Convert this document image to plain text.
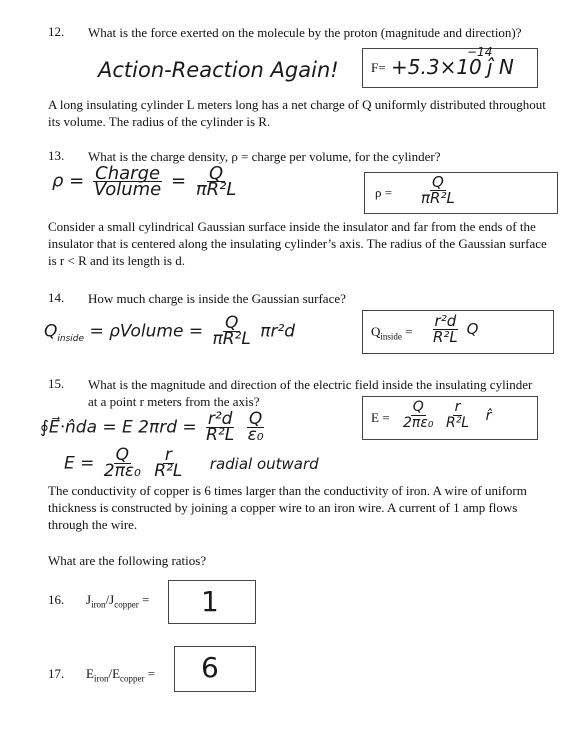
12. What is the force exerted on the molecule by the proton (magnitude and direction)?
Action-Reaction Again! F= +5.3×10
−14
ĵ N
A long insulating cylinder L meters long has a net charge of Q uniformly distributed throughout its volume. The radius of the cylinder is R.
13. What is the charge density, ρ = charge per volume, for the cylinder?
$\rho = \frac{\text{Charge}}{\text{Volume}} = \frac{Q}{\text{πR²L}}$	$\rho = \frac{Q}{\text{πR²L}}$
Consider a small cylindrical Gaussian surface inside the insulator and far from the ends of the insulator that is centered along the insulating cylinder’s axis. The radius of the Gaussian surface is r < R and its length is d.
14. How much charge is inside the Gaussian surface?
$Q_{inside}$ = ρVolume = $\frac{Q}{\text{πR²L}} \pi r^2d$	$Q_{inside} = \frac{\text{r²d}}{\text{R²L}}$ Q
15. What is the magnitude and direction of the electric field inside the insulating cylinder at a point r meters from the axis?
∮E⃗·n̂da = E $2\pi rd = \frac{\text{r²d}}{\text{R²L}}$
$\frac{Q}{\text{ε₀}}$
$E = \frac{Q}{\text{2πε₀}}$
$\frac{r}{\text{R²L}}$ radial outward
$E = \frac{Q}{\text{2πε₀}}$
$\frac{r}{\text{R²L}}$ r̂
The conductivity of copper is 6 times larger than the conductivity of iron. A wire of uniform thickness is constructed by joining a copper wire to an iron wire. A current of 1 amp flows through the wire.
What are the following ratios?
16. $J_{iron}/J_{copper} = 1$
17. $E_{iron}/E_{copper} = 6$
